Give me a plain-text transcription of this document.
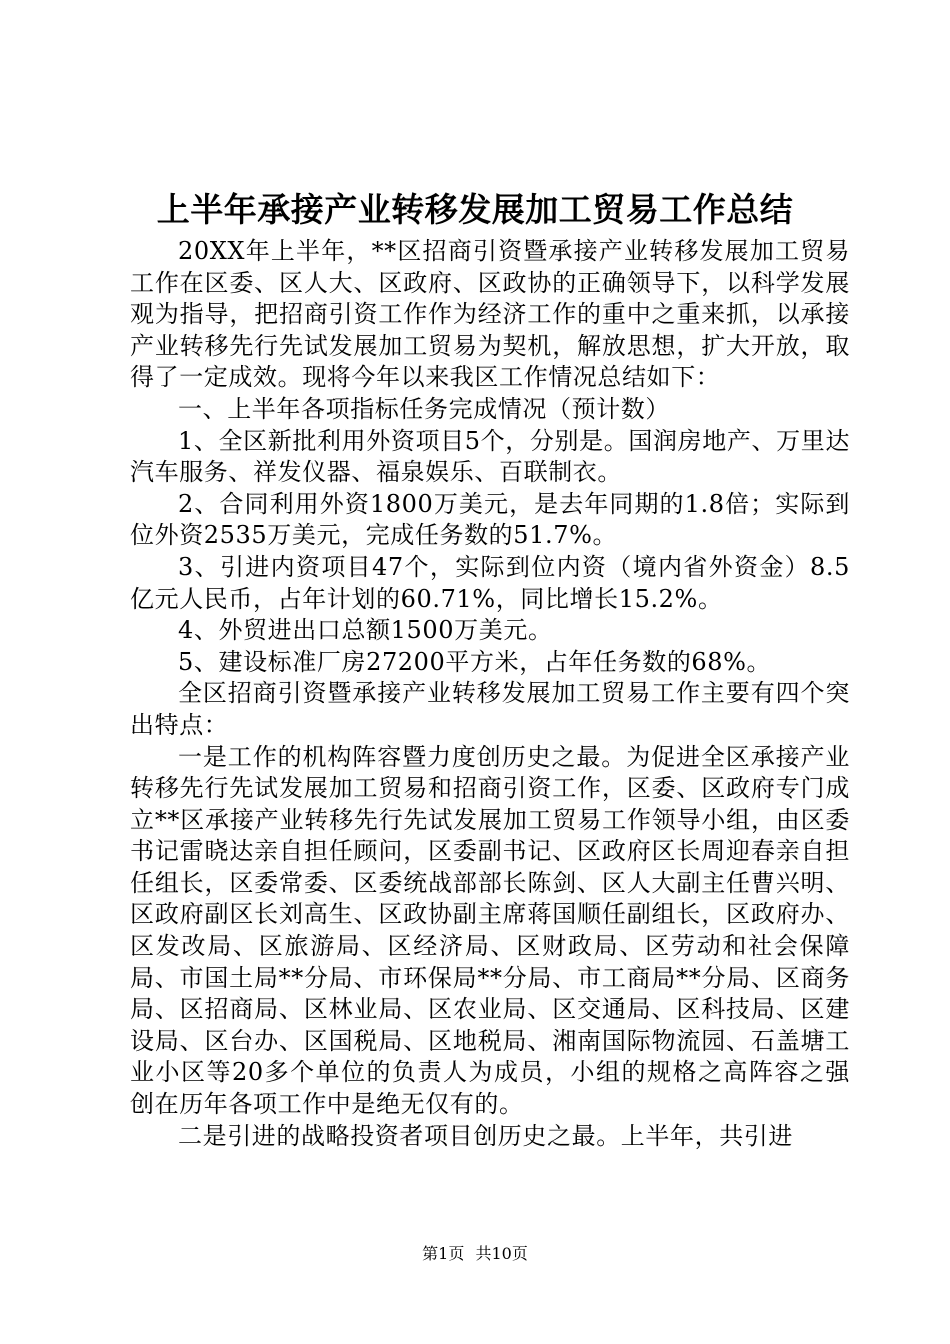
上半年承接产业转移发展加工贸易工作总结

20XX年上半年，**区招商引资暨承接产业转移发展加工贸易工作在区委、区人大、区政府、区政协的正确领导下，以科学发展观为指导，把招商引资工作作为经济工作的重中之重来抓，以承接产业转移先行先试发展加工贸易为契机，解放思想，扩大开放，取得了一定成效。现将今年以来我区工作情况总结如下：

一、上半年各项指标任务完成情况（预计数）

1、全区新批利用外资项目5个，分别是。国润房地产、万里达汽车服务、祥发仪器、福泉娱乐、百联制衣。

2、合同利用外资1800万美元，是去年同期的1.8倍；实际到位外资2535万美元，完成任务数的51.7%。

3、引进内资项目47个，实际到位内资（境内省外资金）8.5亿元人民币，占年计划的60.71%，同比增长15.2%。

4、外贸进出口总额1500万美元。

5、建设标准厂房27200平方米，占年任务数的68%。

全区招商引资暨承接产业转移发展加工贸易工作主要有四个突出特点：

一是工作的机构阵容暨力度创历史之最。为促进全区承接产业转移先行先试发展加工贸易和招商引资工作，区委、区政府专门成立**区承接产业转移先行先试发展加工贸易工作领导小组，由区委书记雷晓达亲自担任顾问，区委副书记、区政府区长周迎春亲自担任组长，区委常委、区委统战部部长陈剑、区人大副主任曹兴明、区政府副区长刘高生、区政协副主席蒋国顺任副组长，区政府办、区发改局、区旅游局、区经济局、区财政局、区劳动和社会保障局、市国土局**分局、市环保局**分局、市工商局**分局、区商务局、区招商局、区林业局、区农业局、区交通局、区科技局、区建设局、区台办、区国税局、区地税局、湘南国际物流园、石盖塘工业小区等20多个单位的负责人为成员，小组的规格之高阵容之强创在历年各项工作中是绝无仅有的。

二是引进的战略投资者项目创历史之最。上半年，共引进

第1页 共10页
